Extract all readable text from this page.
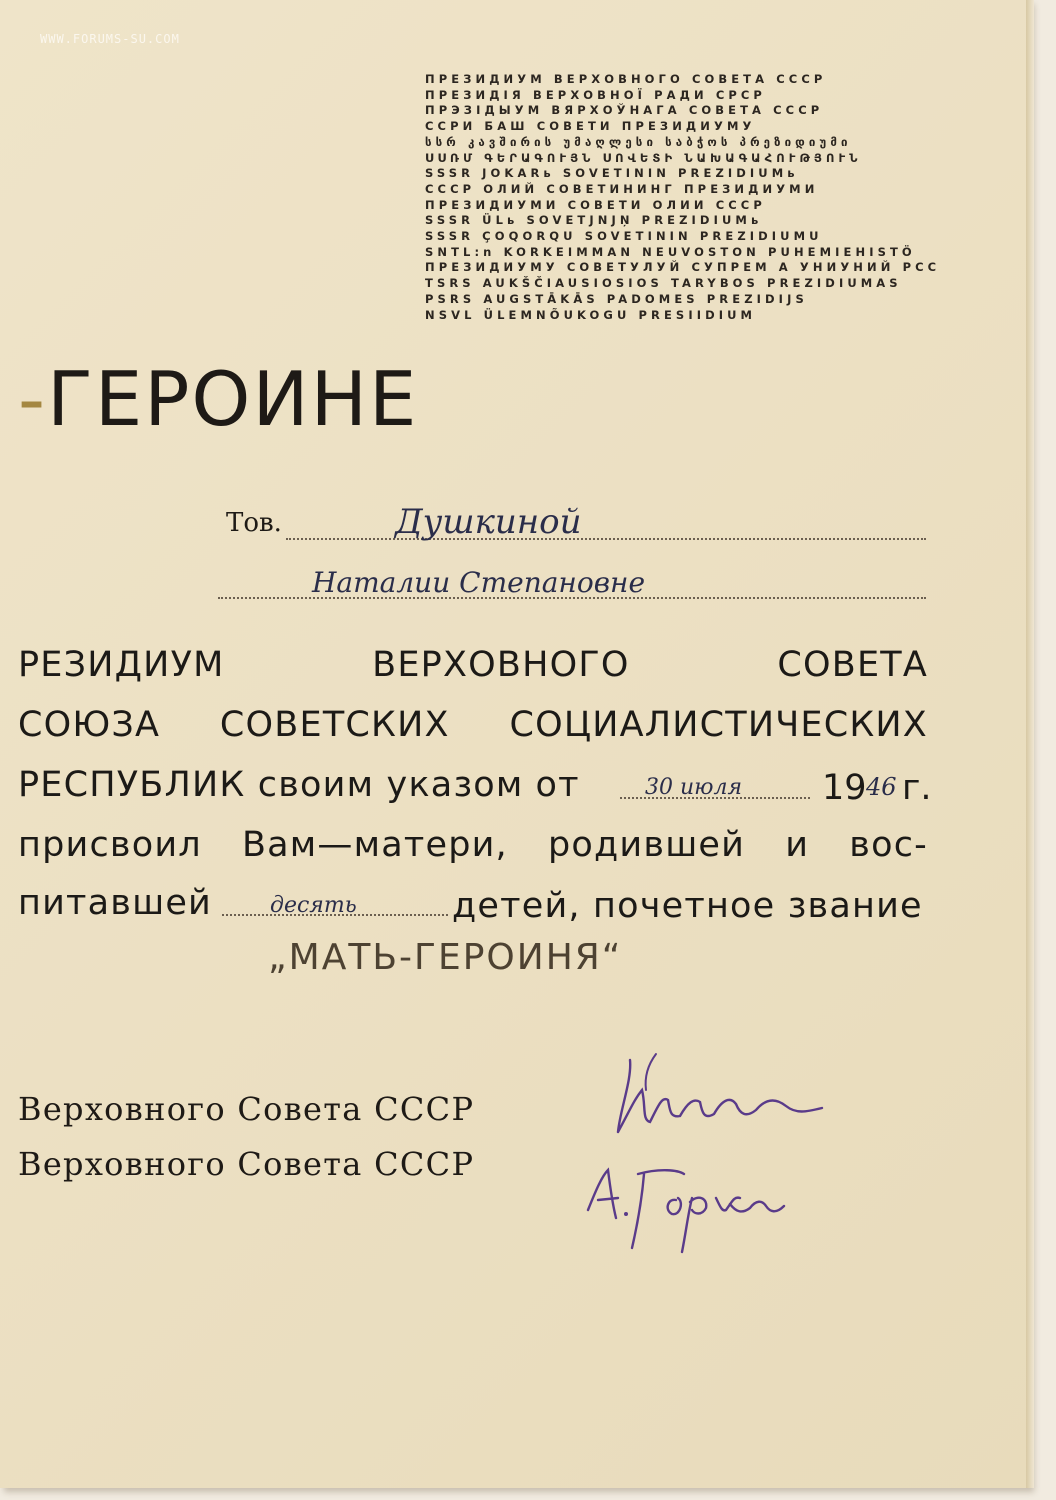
WWW.FORUMS-SU.COM
ПРЕЗИДИУМ ВЕРХОВНОГО СОВЕТА СССР
ПРЕЗИДІЯ ВЕРХОВНОЇ РАДИ СРСР
ПРЭЗІДЫУМ ВЯРХОЎНАГА СОВЕТА СССР
ССРИ БАШ СОВЕТИ ПРЕЗИДИУМУ
სსრ კავშირის უმაღლესი საბჭოს პრეზიდიუმი
ՍՍՌՄ ԳԵՐԱԳՈՒՅՆ ՍՈՎԵՏԻ ՆԱԽԱԳԱՀՈՒԹՅՈՒՆ
SSSR JOKARь SOVETININ PREZIDIUMь
СССР ОЛИЙ СОВЕТИНИНГ ПРЕЗИДИУМИ
ПРЕЗИДИУМИ СОВЕТИ ОЛИИ СССР
SSSR ÜLь SOVETJNJŅ PREZIDIUMь
SSSR ÇOQORQU SOVETININ PREZIDIUMU
SNTL:n KORKEIMMAN NEUVOSTON PUHEMIEHISTÖ
ПРЕЗИДИУМУ СОВЕТУЛУЙ СУПРЕМ А УНИУНИЙ РСС
TSRS AUKŠČIAUSIOSIOS TARYBOS PREZIDIUMAS
PSRS AUGSTĀKĀS PADOMES PREZIDIJS
NSVL ÜLEMNÕUKOGU PRESIIDIUM
-ГЕРОИНЕ
Тов.	Душкиной
Наталии Степановне
РЕЗИДИУМ	ВЕРХОВНОГО	СОВЕТА
СОЮЗА СОВЕТСКИХ СОЦИАЛИСТИЧЕСКИХ
РЕСПУБЛИК своим указом от	30 июля 19 46 г.
присвоил Вам—матери, родившей и вос-
питавшей	десять	детей, почетное звание
„МАТЬ-ГЕРОИНЯ“
Верховного Совета СССР
Верховного Совета СССР
